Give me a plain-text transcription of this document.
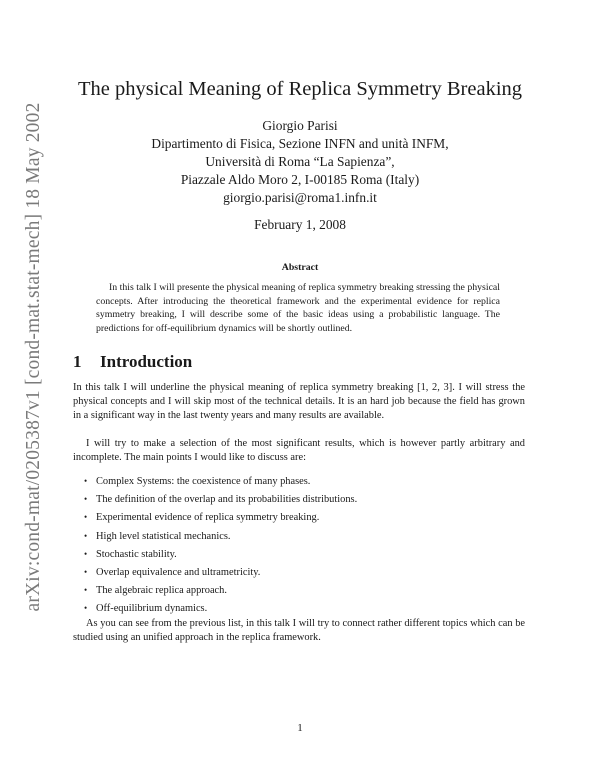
arXiv:cond-mat/0205387v1 [cond-mat.stat-mech] 18 May 2002
The physical Meaning of Replica Symmetry Breaking
Giorgio Parisi
Dipartimento di Fisica, Sezione INFN and unità INFM,
Università di Roma “La Sapienza”,
Piazzale Aldo Moro 2, I-00185 Roma (Italy)
giorgio.parisi@roma1.infn.it
February 1, 2008
Abstract

In this talk I will presente the physical meaning of replica symmetry breaking stressing the physical concepts. After introducing the theoretical framework and the experimental evidence for replica symmetry breaking, I will describe some of the basic ideas using a probabilistic language. The predictions for off-equilibrium dynamics will be shortly outlined.

1 Introduction

In this talk I will underline the physical meaning of replica symmetry breaking [1, 2, 3]. I will stress the physical concepts and I will skip most of the technical details. It is an hard job because the field has grown in a significant way in the last twenty years and many results are available.

I will try to make a selection of the most significant results, which is however partly arbitrary and incomplete. The main points I would like to discuss are:

• Complex Systems: the coexistence of many phases.
• The definition of the overlap and its probabilities distributions.
• Experimental evidence of replica symmetry breaking.
• High level statistical mechanics.
• Stochastic stability.
• Overlap equivalence and ultrametricity.
• The algebraic replica approach.
• Off-equilibrium dynamics.

As you can see from the previous list, in this talk I will try to connect rather different topics which can be studied using an unified approach in the replica framework.

1
